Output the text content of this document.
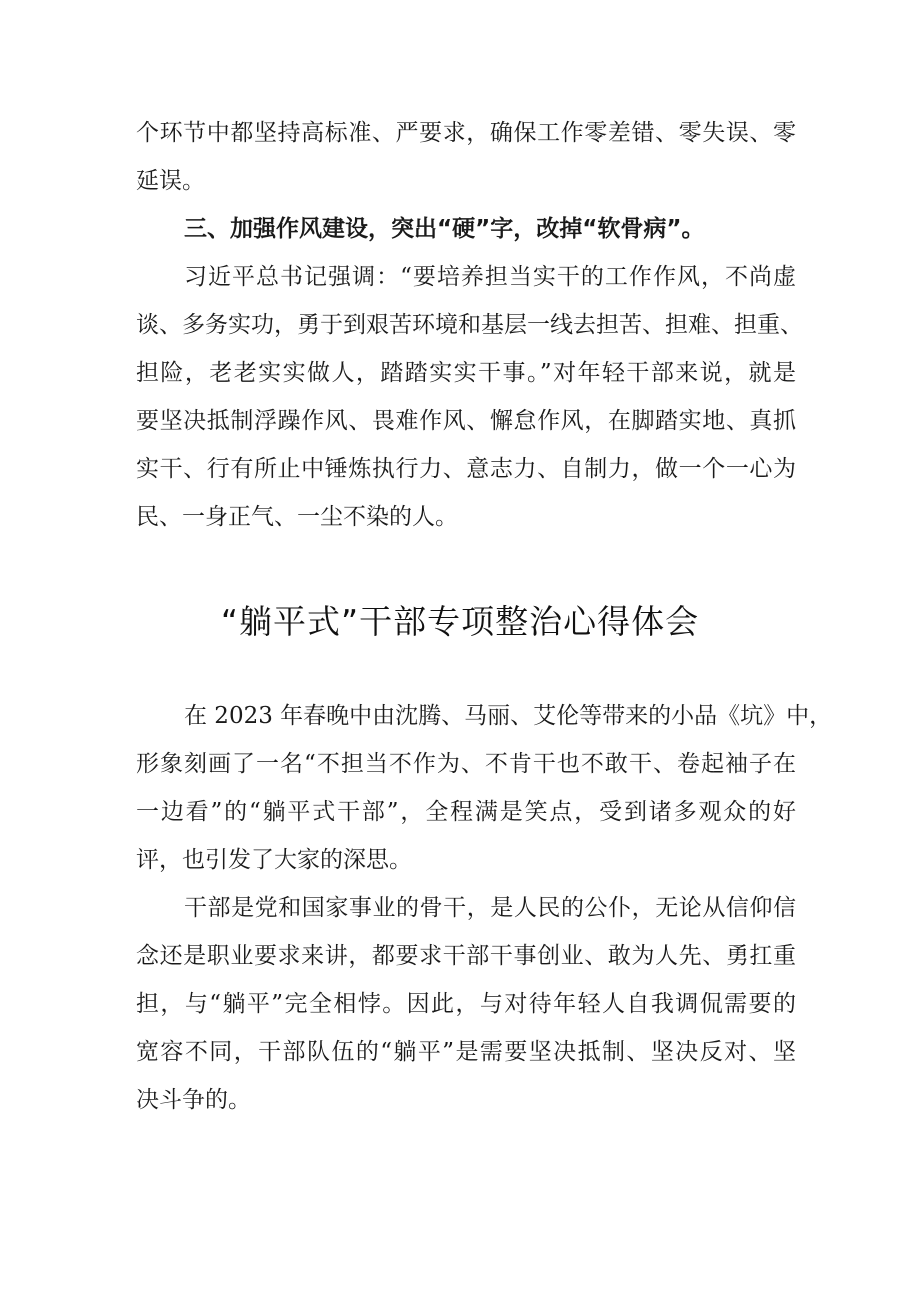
个环节中都坚持高标准、严要求，确保工作零差错、零失误、零
延误。
三、加强作风建设，突出“硬”字，改掉“软骨病”。
习近平总书记强调：“要培养担当实干的工作作风，不尚虚
谈、多务实功，勇于到艰苦环境和基层一线去担苦、担难、担重、
担险，老老实实做人，踏踏实实干事。”对年轻干部来说，就是
要坚决抵制浮躁作风、畏难作风、懈怠作风，在脚踏实地、真抓
实干、行有所止中锤炼执行力、意志力、自制力，做一个一心为
民、一身正气、一尘不染的人。
“躺平式”干部专项整治心得体会
在 2023 年春晚中由沈腾、马丽、艾伦等带来的小品《坑》中，
形象刻画了一名“不担当不作为、不肯干也不敢干、卷起袖子在
一边看”的“躺平式干部”，全程满是笑点，受到诸多观众的好
评，也引发了大家的深思。
干部是党和国家事业的骨干，是人民的公仆，无论从信仰信
念还是职业要求来讲，都要求干部干事创业、敢为人先、勇扛重
担，与“躺平”完全相悖。因此，与对待年轻人自我调侃需要的
宽容不同，干部队伍的“躺平”是需要坚决抵制、坚决反对、坚
决斗争的。
